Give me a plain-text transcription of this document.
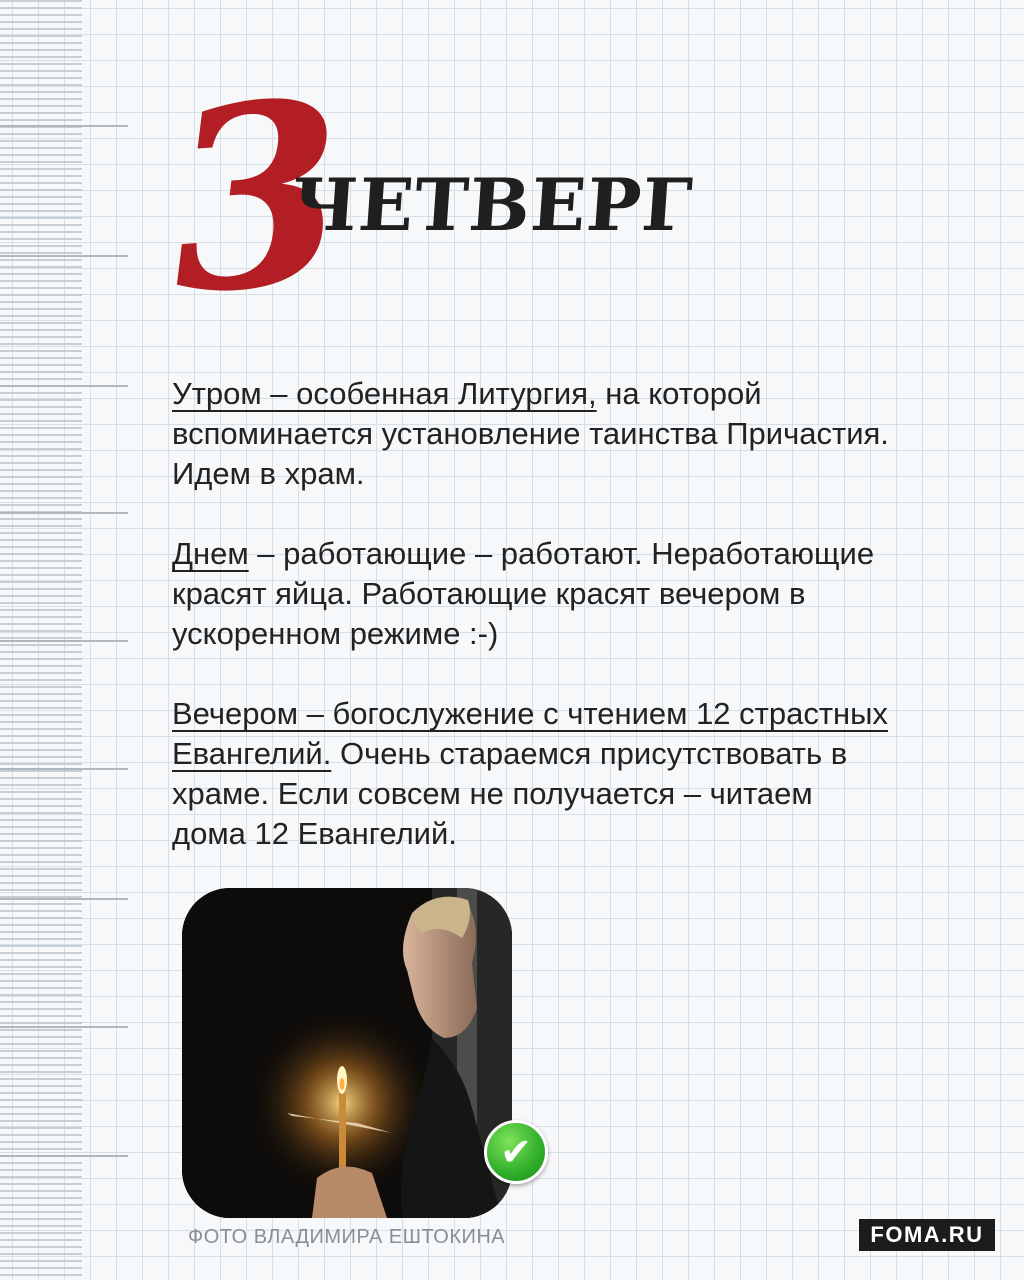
3
ЧЕТВЕРГ

Утром – особенная Литургия, на которой вспоминается установление таинства Причастия. Идем в храм.

Днем – работающие – работают. Неработающие красят яйца. Работающие красят вечером в ускоренном режиме :-)

Вечером – богослужение с чтением 12 страстных Евангелий. Очень стараемся присутствовать в храме. Если совсем не получается – читаем дома 12 Евангелий.

✔
ФОТО ВЛАДИМИРА ЕШТОКИНА	FOMA.RU
